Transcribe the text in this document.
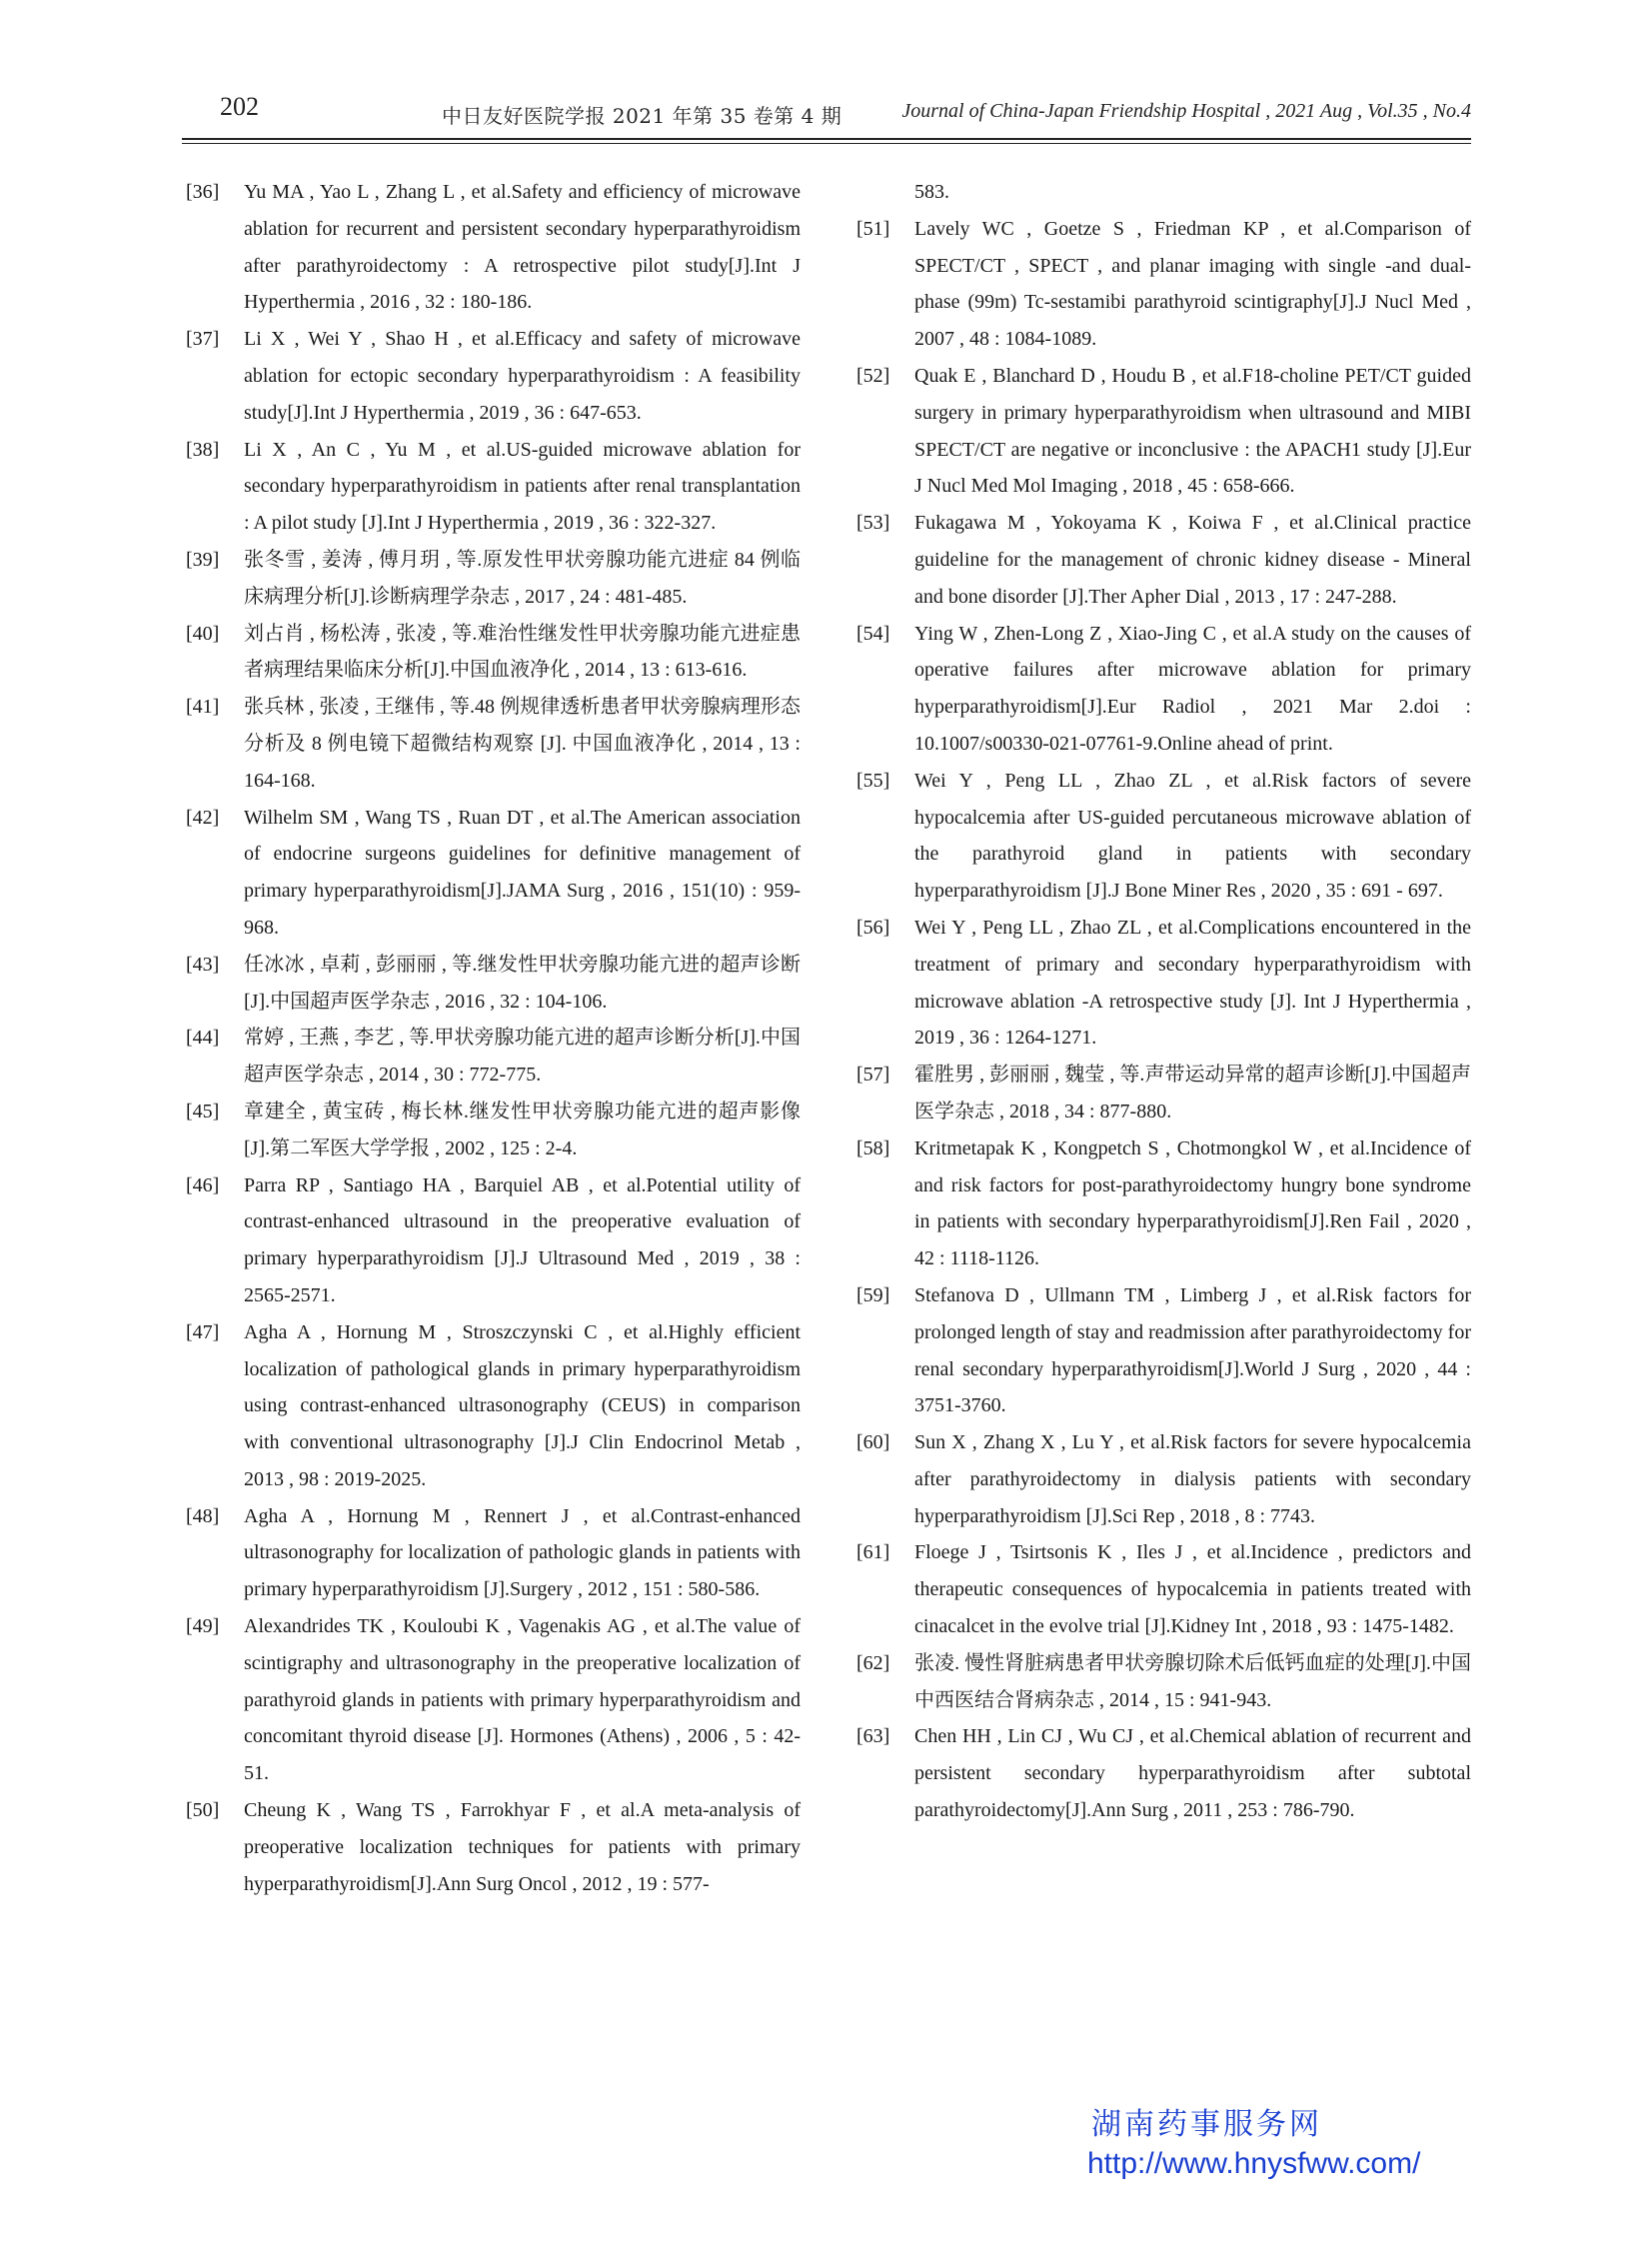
202	中日友好医院学报 2021 年第 35 卷第 4 期	Journal of China-Japan Friendship Hospital , 2021 Aug , Vol.35 , No.4
[36]	Yu MA , Yao L , Zhang L , et al.Safety and efficiency of microwave ablation for recurrent and persistent secondary hyperparathyroidism after parathyroidectomy : A retrospective pilot study[J].Int J Hyperthermia , 2016 , 32 : 180-186.
[37]	Li X , Wei Y , Shao H , et al.Efficacy and safety of microwave ablation for ectopic secondary hyperparathyroidism : A feasibility study[J].Int J Hyperthermia , 2019 , 36 : 647-653.
[38]	Li X , An C , Yu M , et al.US-guided microwave ablation for secondary hyperparathyroidism in patients after renal transplantation : A pilot study [J].Int J Hyperthermia , 2019 , 36 : 322-327.
[39]	张冬雪 , 姜涛 , 傅月玥 , 等.原发性甲状旁腺功能亢进症 84 例临床病理分析[J].诊断病理学杂志 , 2017 , 24 : 481-485.
[40]	刘占肖 , 杨松涛 , 张凌 , 等.难治性继发性甲状旁腺功能亢进症患者病理结果临床分析[J].中国血液净化 , 2014 , 13 : 613-616.
[41]	张兵林 , 张凌 , 王继伟 , 等.48 例规律透析患者甲状旁腺病理形态分析及 8 例电镜下超微结构观察 [J]. 中国血液净化 , 2014 , 13 : 164-168.
[42]	Wilhelm SM , Wang TS , Ruan DT , et al.The American association of endocrine surgeons guidelines for definitive management of primary hyperparathyroidism[J].JAMA Surg , 2016 , 151(10) : 959-968.
[43]	任冰冰 , 卓莉 , 彭丽丽 , 等.继发性甲状旁腺功能亢进的超声诊断[J].中国超声医学杂志 , 2016 , 32 : 104-106.
[44]	常婷 , 王燕 , 李艺 , 等.甲状旁腺功能亢进的超声诊断分析[J].中国超声医学杂志 , 2014 , 30 : 772-775.
[45]	章建全 , 黄宝砖 , 梅长林.继发性甲状旁腺功能亢进的超声影像[J].第二军医大学学报 , 2002 , 125 : 2-4.
[46]	Parra RP , Santiago HA , Barquiel AB , et al.Potential utility of contrast-enhanced ultrasound in the preoperative evaluation of primary hyperparathyroidism [J].J Ultrasound Med , 2019 , 38 : 2565-2571.
[47]	Agha A , Hornung M , Stroszczynski C , et al.Highly efficient localization of pathological glands in primary hyperparathyroidism using contrast-enhanced ultrasonography (CEUS) in comparison with conventional ultrasonography [J].J Clin Endocrinol Metab , 2013 , 98 : 2019-2025.
[48]	Agha A , Hornung M , Rennert J , et al.Contrast-enhanced ultrasonography for localization of pathologic glands in patients with primary hyperparathyroidism [J].Surgery , 2012 , 151 : 580-586.
[49]	Alexandrides TK , Kouloubi K , Vagenakis AG , et al.The value of scintigraphy and ultrasonography in the preoperative localization of parathyroid glands in patients with primary hyperparathyroidism and concomitant thyroid disease [J]. Hormones (Athens) , 2006 , 5 : 42-51.
[50]	Cheung K , Wang TS , Farrokhyar F , et al.A meta-analysis of preoperative localization techniques for patients with primary hyperparathyroidism[J].Ann Surg Oncol , 2012 , 19 : 577-
583.
[51]	Lavely WC , Goetze S , Friedman KP , et al.Comparison of SPECT/CT , SPECT , and planar imaging with single -and dual-phase (99m) Tc-sestamibi parathyroid scintigraphy[J].J Nucl Med , 2007 , 48 : 1084-1089.
[52]	Quak E , Blanchard D , Houdu B , et al.F18-choline PET/CT guided surgery in primary hyperparathyroidism when ultrasound and MIBI SPECT/CT are negative or inconclusive : the APACH1 study [J].Eur J Nucl Med Mol Imaging , 2018 , 45 : 658-666.
[53]	Fukagawa M , Yokoyama K , Koiwa F , et al.Clinical practice guideline for the management of chronic kidney disease - Mineral and bone disorder [J].Ther Apher Dial , 2013 , 17 : 247-288.
[54]	Ying W , Zhen-Long Z , Xiao-Jing C , et al.A study on the causes of operative failures after microwave ablation for primary hyperparathyroidism[J].Eur Radiol , 2021 Mar 2.doi : 10.1007/s00330-021-07761-9.Online ahead of print.
[55]	Wei Y , Peng LL , Zhao ZL , et al.Risk factors of severe hypocalcemia after US-guided percutaneous microwave ablation of the parathyroid gland in patients with secondary hyperparathyroidism [J].J Bone Miner Res , 2020 , 35 : 691 - 697.
[56]	Wei Y , Peng LL , Zhao ZL , et al.Complications encountered in the treatment of primary and secondary hyperparathyroidism with microwave ablation -A retrospective study [J]. Int J Hyperthermia , 2019 , 36 : 1264-1271.
[57]	霍胜男 , 彭丽丽 , 魏莹 , 等.声带运动异常的超声诊断[J].中国超声医学杂志 , 2018 , 34 : 877-880.
[58]	Kritmetapak K , Kongpetch S , Chotmongkol W , et al.Incidence of and risk factors for post-parathyroidectomy hungry bone syndrome in patients with secondary hyperparathyroidism[J].Ren Fail , 2020 , 42 : 1118-1126.
[59]	Stefanova D , Ullmann TM , Limberg J , et al.Risk factors for prolonged length of stay and readmission after parathyroidectomy for renal secondary hyperparathyroidism[J].World J Surg , 2020 , 44 : 3751-3760.
[60]	Sun X , Zhang X , Lu Y , et al.Risk factors for severe hypocalcemia after parathyroidectomy in dialysis patients with secondary hyperparathyroidism [J].Sci Rep , 2018 , 8 : 7743.
[61]	Floege J , Tsirtsonis K , Iles J , et al.Incidence , predictors and therapeutic consequences of hypocalcemia in patients treated with cinacalcet in the evolve trial [J].Kidney Int , 2018 , 93 : 1475-1482.
[62]	张凌. 慢性肾脏病患者甲状旁腺切除术后低钙血症的处理[J].中国中西医结合肾病杂志 , 2014 , 15 : 941-943.
[63]	Chen HH , Lin CJ , Wu CJ , et al.Chemical ablation of recurrent and persistent secondary hyperparathyroidism after subtotal parathyroidectomy[J].Ann Surg , 2011 , 253 : 786-790.
湖南药事服务网
http://www.hnysfww.com/
